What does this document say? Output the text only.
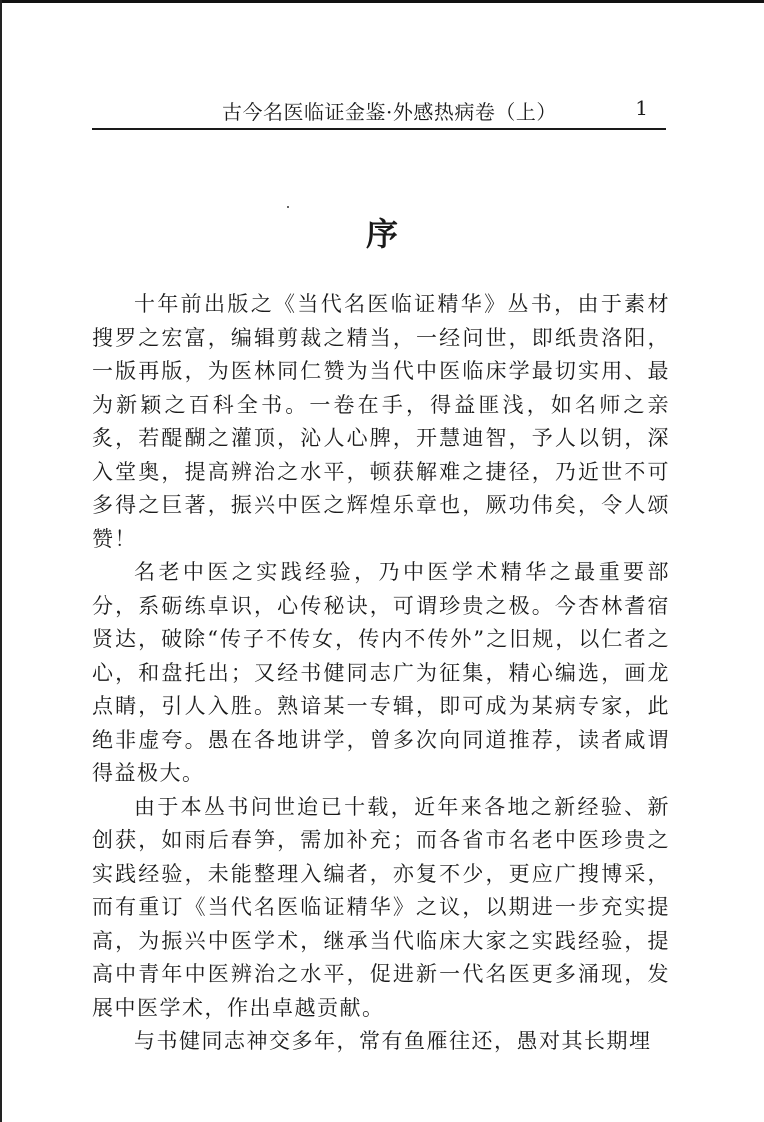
古今名医临证金鉴·外感热病卷（上）	1
序

十年前出版之《当代名医临证精华》丛书，由于素材搜罗之宏富，编辑剪裁之精当，一经问世，即纸贵洛阳，一版再版，为医林同仁赞为当代中医临床学最切实用、最为新颖之百科全书。一卷在手，得益匪浅，如名师之亲炙，若醍醐之灌顶，沁人心脾，开慧迪智，予人以钥，深入堂奥，提高辨治之水平，顿获解难之捷径，乃近世不可多得之巨著，振兴中医之辉煌乐章也，厥功伟矣，令人颂赞！

名老中医之实践经验，乃中医学术精华之最重要部分，系砺练卓识，心传秘诀，可谓珍贵之极。今杏林耆宿贤达，破除“传子不传女，传内不传外”之旧规，以仁者之心，和盘托出；又经书健同志广为征集，精心编选，画龙点睛，引人入胜。熟谙某一专辑，即可成为某病专家，此绝非虚夸。愚在各地讲学，曾多次向同道推荐，读者咸谓得益极大。

由于本丛书问世迨已十载，近年来各地之新经验、新创获，如雨后春笋，需加补充；而各省市名老中医珍贵之实践经验，未能整理入编者，亦复不少，更应广搜博采，而有重订《当代名医临证精华》之议，以期进一步充实提高，为振兴中医学术，继承当代临床大家之实践经验，提高中青年中医辨治之水平，促进新一代名医更多涌现，发展中医学术，作出卓越贡献。

与书健同志神交多年，常有鱼雁往还，愚对其长期埋
